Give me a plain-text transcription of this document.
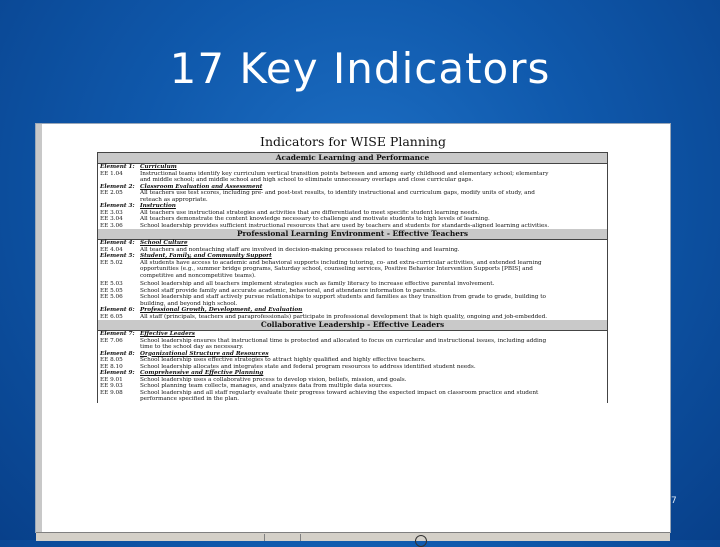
17 Key Indicators
Indicators for WISE Planning
Academic Learning and Performance
Element 1: Curriculum
EE 1.04	Instructional teams identify key curriculum vertical transition points between and among early childhood and elementary school; elementary
and middle school; and middle school and high school to eliminate unnecessary overlaps and close curricular gaps.
Element 2: Classroom Evaluation and Assessment
EE 2.05	All teachers use test scores, including pre- and post-test results, to identify instructional and curriculum gaps, modify units of study, and
reteach as appropriate.
Element 3: Instruction
EE 3.03	All teachers use instructional strategies and activities that are differentiated to meet specific student learning needs.
EE 3.04	All teachers demonstrate the content knowledge necessary to challenge and motivate students to high levels of learning.
EE 3.06	School leadership provides sufficient instructional resources that are used by teachers and students for standards-aligned learning activities.
Professional Learning Environment - Effective Teachers
Element 4: School Culture
EE 4.04	All teachers and nonteaching staff are involved in decision-making processes related to teaching and learning.
Element 5: Student, Family, and Community Support
EE 5.02	All students have access to academic and behavioral supports including tutoring, co- and extra-curricular activities, and extended learning
opportunities (e.g., summer bridge programs, Saturday school, counseling services, Positive Behavior Intervention Supports [PBIS] and
competitive and noncompetitive teams).
EE 5.03	School leadership and all teachers implement strategies such as family literacy to increase effective parental involvement.
EE 5.05	School staff provide family and accurate academic, behavioral, and attendance information to parents.
EE 5.06	School leadership and staff actively pursue relationships to support students and families as they transition from grade to grade, building to
building, and beyond high school.
Element 6: Professional Growth, Development, and Evaluation
EE 6.05	All staff (principals, teachers and paraprofessionals) participate in professional development that is high quality, ongoing and job-embedded.
Collaborative Leadership - Effective Leaders
Element 7: Effective Leaders
EE 7.06	School leadership ensures that instructional time is protected and allocated to focus on curricular and instructional issues, including adding
time to the school day as necessary.
Element 8: Organizational Structure and Resources
EE 8.05	School leadership uses effective strategies to attract highly qualified and highly effective teachers.
EE 8.10	School leadership allocates and integrates state and federal program resources to address identified student needs.
Element 9: Comprehensive and Effective Planning
EE 9.01	School leadership uses a collaborative process to develop vision, beliefs, mission, and goals.
EE 9.03	School planning team collects, manages, and analyzes data from multiple data sources.
EE 9.08	School leadership and all staff regularly evaluate their progress toward achieving the expected impact on classroom practice and student
performance specified in the plan.
7
